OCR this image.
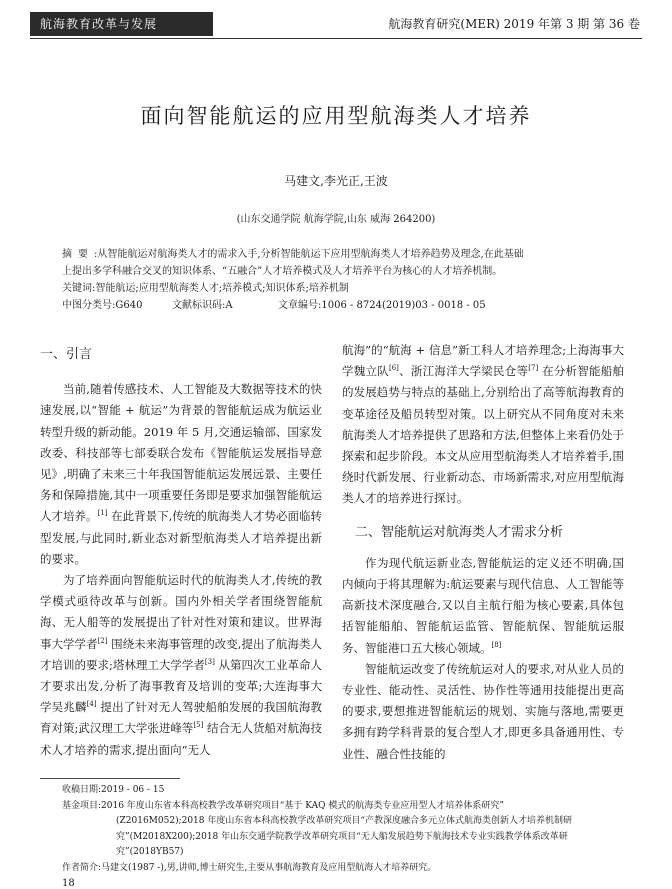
航海教育改革与发展	航海教育研究(MER) 2019 年第 3 期 第 36 卷
面向智能航运的应用型航海类人才培养
马建文,李光正,王波
(山东交通学院 航海学院,山东 威海 264200)

摘要:从智能航运对航海类人才的需求入手,分析智能航运下应用型航海类人才培养趋势及理念,在此基础

上提出多学科融合交叉的知识体系、“五融合”人才培养模式及人才培养平台为核心的人才培养机制。

关键词:智能航运;应用型航海类人才;培养模式;知识体系;培养机制

中图分类号:G640	文献标识码:A	文章编号:1006 - 8724(2019)03 - 0018 - 05

一、引言

当前,随着传感技术、人工智能及大数据等技术的快速发展,以“智能 + 航运”为背景的智能航运成为航运业转型升级的新动能。2019 年 5 月,交通运输部、国家发改委、科技部等七部委联合发布《智能航运发展指导意见》,明确了未来三十年我国智能航运发展远景、主要任务和保障措施,其中一项重要任务即是要求加强智能航运人才培养。[1] 在此背景下,传统的航海类人才势必面临转型发展,与此同时,新业态对新型航海类人才培养提出新的要求。

为了培养面向智能航运时代的航海类人才,传统的教学模式亟待改革与创新。国内外相关学者围绕智能航海、无人船等的发展提出了针对性对策和建议。世界海事大学学者[2] 围绕未来海事管理的改变,提出了航海类人才培训的要求;塔林理工大学学者[3] 从第四次工业革命人才要求出发,分析了海事教育及培训的变革;大连海事大学吴兆麟[4] 提出了针对无人驾驶船舶发展的我国航海教育对策;武汉理工大学张进峰等[5] 结合无人货船对航海技术人才培养的需求,提出面向“无人

航海”的“航海 + 信息”新工科人才培养理念;上海海事大学魏立队[6]、浙江海洋大学梁民仓等[7] 在分析智能船舶的发展趋势与特点的基础上,分别给出了高等航海教育的变革途径及船员转型对策。以上研究从不同角度对未来航海类人才培养提供了思路和方法,但整体上来看仍处于探索和起步阶段。本文从应用型航海类人才培养着手,围绕时代新发展、行业新动态、市场新需求,对应用型航海类人才的培养进行探讨。

二、智能航运对航海类人才需求分析

作为现代航运新业态,智能航运的定义还不明确,国内倾向于将其理解为:航运要素与现代信息、人工智能等高新技术深度融合,又以自主航行船为核心要素,具体包括智能船舶、智能航运监管、智能航保、智能航运服务、智能港口五大核心领域。[8]

智能航运改变了传统航运对人的要求,对从业人员的专业性、能动性、灵活性、协作性等通用技能提出更高的要求,要想推进智能航运的规划、实施与落地,需要更多拥有跨学科背景的复合型人才,即更多具备通用性、专业性、融合性技能的

收稿日期:2019 - 06 - 15

基金项目:2016 年度山东省本科高校教学改革研究项目“基于 KAQ 模式的航海类专业应用型人才培养体系研究”

(Z2016M052);2018 年度山东省本科高校教学改革研究项目“产教深度融合多元立体式航海类创新人才培养机制研

究”(M2018X200);2018 年山东交通学院教学改革研究项目“无人船发展趋势下航海技术专业实践教学体系改革研

究”(2018YB57)

作者简介:马建文(1987 -),男,讲师,博士研究生,主要从事航海教育及应用型航海人才培养研究。

18
